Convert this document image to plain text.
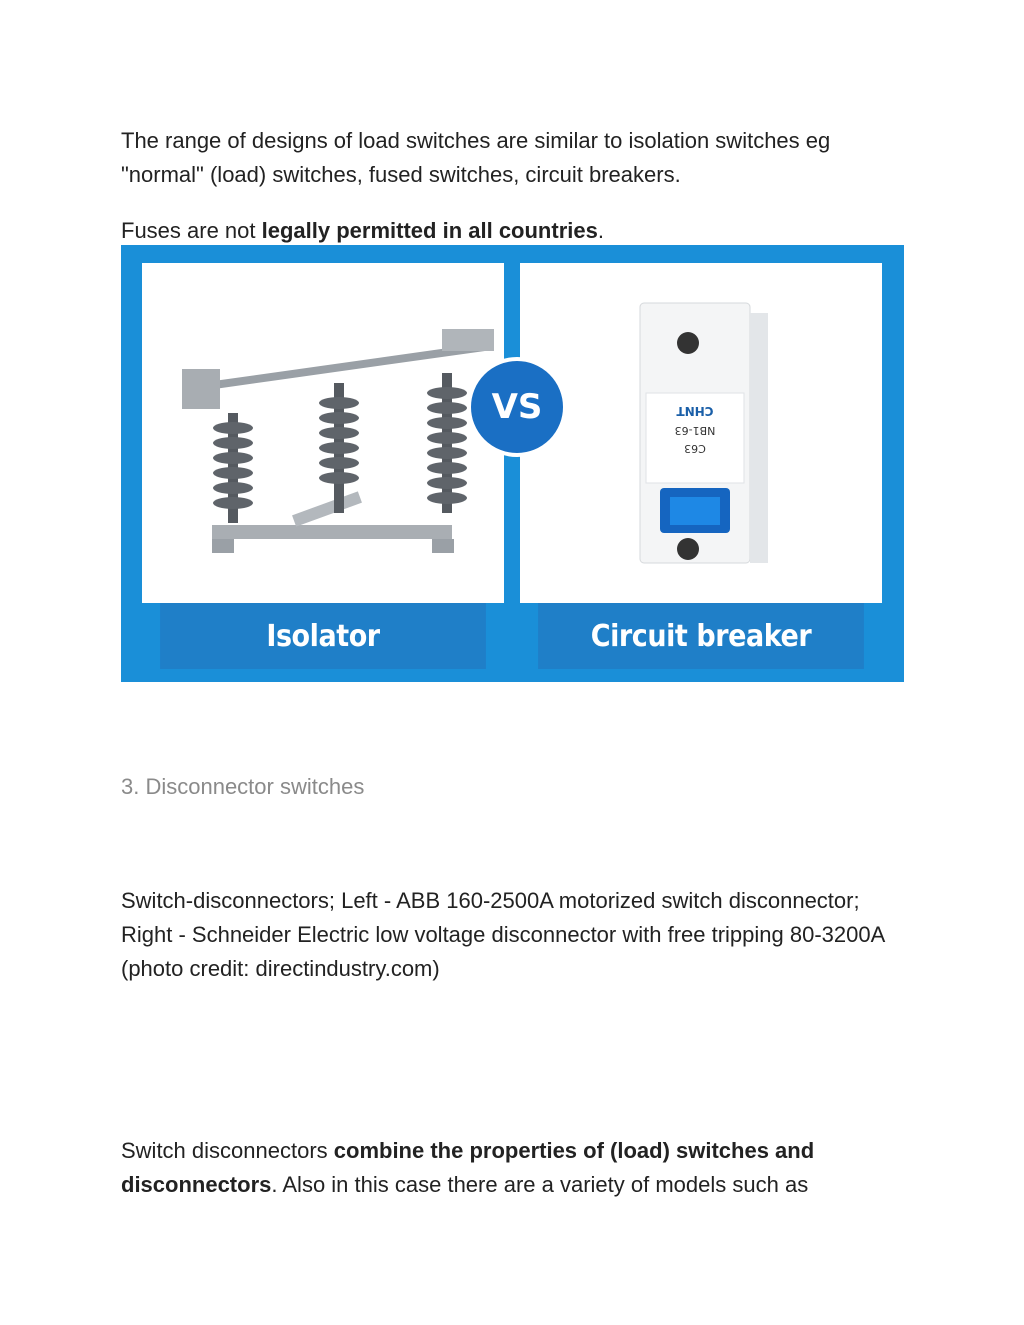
The range of designs of load switches are similar to isolation switches eg "normal" (load) switches, fused switches, circuit breakers.

Fuses are not legally permitted in all countries.

CHNT
NB1-63
C63
VS
Isolator	Circuit breaker

3. Disconnector switches

Switch-disconnectors; Left - ABB 160-2500A motorized switch disconnector; Right - Schneider Electric low voltage disconnector with free tripping 80-3200A (photo credit: directindustry.com)

Switch disconnectors combine the properties of (load) switches and disconnectors. Also in this case there are a variety of models such as
